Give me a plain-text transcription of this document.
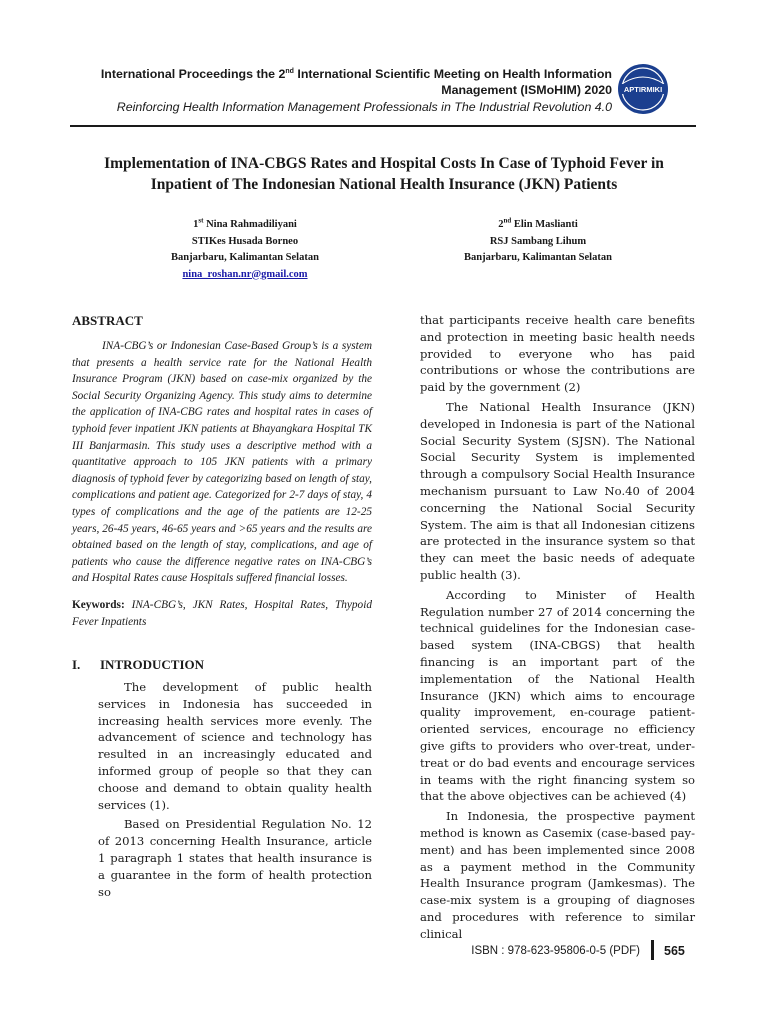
International Proceedings the 2nd International Scientific Meeting on Health Information
Management (ISMoHIM) 2020
Reinforcing Health Information Management Professionals in The Industrial Revolution 4.0
APTIRMIKI
Implementation of INA-CBGS Rates and Hospital Costs In Case of Typhoid Fever in
Inpatient of The Indonesian National Health Insurance (JKN) Patients
1st Nina Rahmadiliyani
STIKes Husada Borneo
Banjarbaru, Kalimantan Selatan
nina_roshan.nr@gmail.com
2nd Elin Maslianti
RSJ Sambang Lihum
Banjarbaru, Kalimantan Selatan

ABSTRACT

INA-CBG’s or Indonesian Case-Based Group’s is a system that presents a health service rate for the National Health Insurance Program (JKN) based on case-mix organized by the Social Security Organizing Agency. This study aims to determine the application of INA-CBG rates and hospital rates in cases of typhoid fever inpatient JKN patients at Bhayangkara Hospital TK III Banjarmasin. This study uses a descriptive method with a quantitative approach to 105 JKN patients with a primary diagnosis of typhoid fever by categorizing based on length of stay, complications and patient age. Categorized for 2-7 days of stay, 4 types of complications and the age of the patients are 12-25 years, 26-45 years, 46-65 years and >65 years and the results are obtained based on the length of stay, complications, and age of patients who cause the difference negative rates on INA-CBG’s and Hospital Rates cause Hospitals suffered financial losses.

Keywords: INA-CBG’s, JKN Rates, Hospital Rates, Thypoid Fever Inpatients

I.	INTRODUCTION

The development of public health services in Indonesia has succeeded in increasing health services more evenly. The advancement of science and technology has resulted in an increasingly educated and informed group of people so that they can choose and demand to obtain quality health services (1).

Based on Presidential Regulation No. 12 of 2013 concerning Health Insurance, article 1 paragraph 1 states that health insurance is a guarantee in the form of health protection so

that participants receive health care benefits and protection in meeting basic health needs provided to everyone who has paid contributions or whose the contributions are paid by the government (2)

The National Health Insurance (JKN) developed in Indonesia is part of the National Social Security System (SJSN). The National Social Security System is implemented through a compulsory Social Health Insurance mechanism pursuant to Law No.40 of 2004 concerning the National Social Security System. The aim is that all Indonesian citizens are protected in the insurance system so that they can meet the basic needs of adequate public health (3).

According to Minister of Health Regulation number 27 of 2014 concerning the technical guidelines for the Indonesian case-based system (INA-CBGS) that health financing is an important part of the implementation of the National Health Insurance (JKN) which aims to encourage quality improvement, en-courage patient-oriented services, encourage no efficiency give gifts to providers who over-treat, under-treat or do bad events and encourage services in teams with the right financing system so that the above objectives can be achieved (4)

In Indonesia, the prospective payment method is known as Casemix (case-based pay-ment) and has been implemented since 2008 as a payment method in the Community Health Insurance program (Jamkesmas). The case-mix system is a grouping of diagnoses and procedures with reference to similar clinical

ISBN : 978-623-95806-0-5 (PDF) 565
